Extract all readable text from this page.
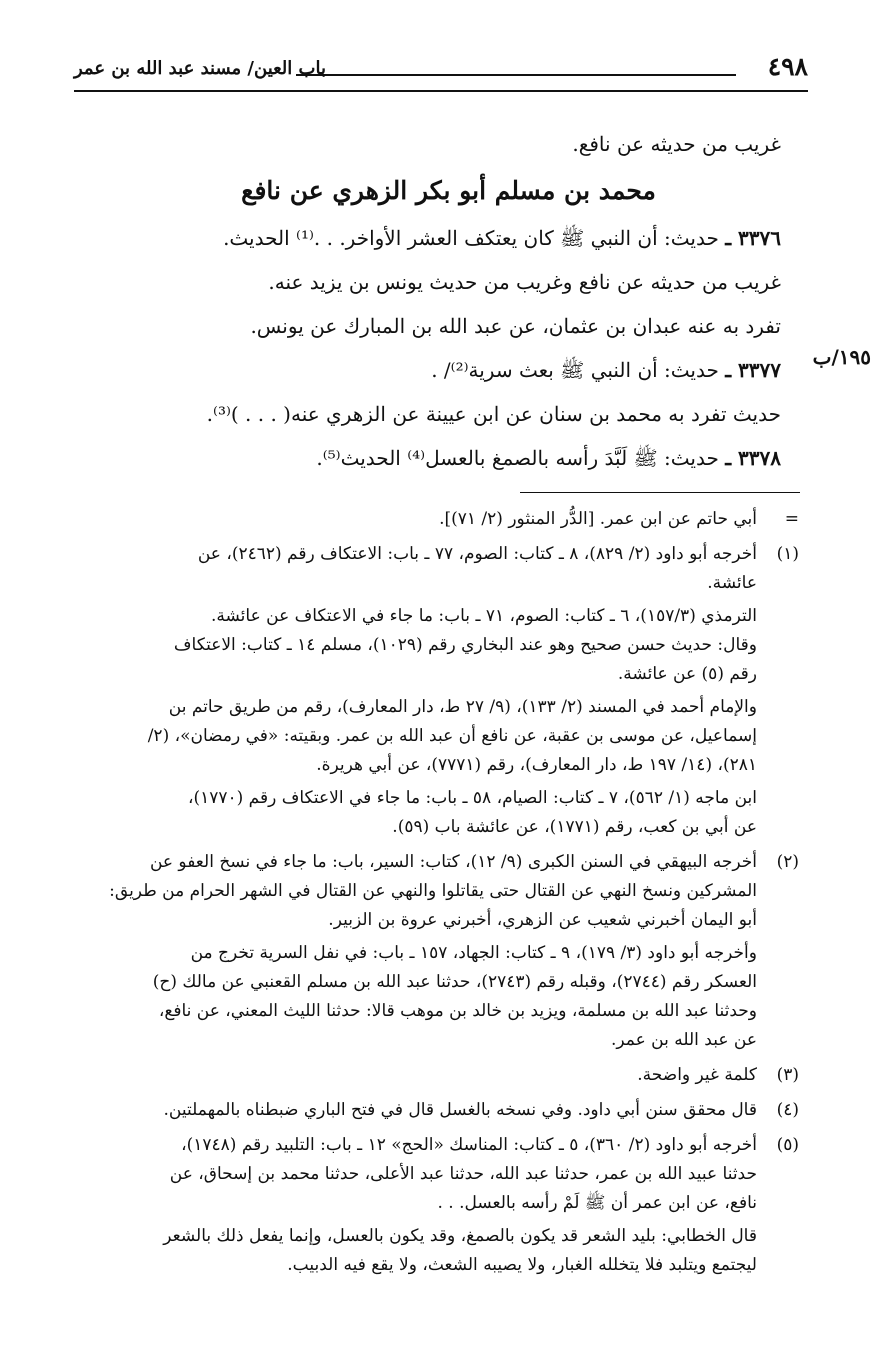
٤٩٨
باب العين/ مسند عبد الله بن عمر
١٩٥/ب

غريب من حديثه عن نافع.

محمد بن مسلم أبو بكر الزهري عن نافع

٣٣٧٦ ـ حديث: أن النبي ﷺ كان يعتكف العشر الأواخر. . .⁽¹⁾ الحديث.

غريب من حديثه عن نافع وغريب من حديث يونس بن يزيد عنه.

تفرد به عنه عبدان بن عثمان، عن عبد الله بن المبارك عن يونس.

٣٣٧٧ ـ حديث: أن النبي ﷺ بعث سرية⁽²⁾/ .

حديث تفرد به محمد بن سنان عن ابن عيينة عن الزهري عنه( . . . )⁽³⁾.

٣٣٧٨ ـ حديث: ﷺ لَبَّدَ رأسه بالصمغ بالعسل⁽⁴⁾ الحديث⁽⁵⁾.

=

أبي حاتم عن ابن عمر. [الدُّر المنثور (٢/ ٧١)].

(١)

أخرجه أبو داود (٢/ ٨٢٩)، ٨ ـ كتاب: الصوم، ٧٧ ـ باب: الاعتكاف رقم (٢٤٦٢)، عن

عائشة.

الترمذي (١٥٧/٣)، ٦ ـ كتاب: الصوم، ٧١ ـ باب: ما جاء في الاعتكاف عن عائشة.

وقال: حديث حسن صحيح وهو عند البخاري رقم (١٠٢٩)، مسلم ١٤ ـ كتاب: الاعتكاف

رقم (٥) عن عائشة.

والإمام أحمد في المسند (٢/ ١٣٣)، (٩/ ٢٧ ط، دار المعارف)، رقم من طريق حاتم بن

إسماعيل، عن موسى بن عقبة، عن نافع أن عبد الله بن عمر. وبقيته: «في رمضان»، (٢/

٢٨١)، (١٤/ ١٩٧ ط، دار المعارف)، رقم (٧٧٧١)، عن أبي هريرة.

ابن ماجه (١/ ٥٦٢)، ٧ ـ كتاب: الصيام، ٥٨ ـ باب: ما جاء في الاعتكاف رقم (١٧٧٠)،

عن أبي بن كعب، رقم (١٧٧١)، عن عائشة باب (٥٩).

(٢)

أخرجه البيهقي في السنن الكبرى (٩/ ١٢)، كتاب: السير، باب: ما جاء في نسخ العفو عن

المشركين ونسخ النهي عن القتال حتى يقاتلوا والنهي عن القتال في الشهر الحرام من طريق:

أبو اليمان أخبرني شعيب عن الزهري، أخبرني عروة بن الزبير.

وأخرجه أبو داود (٣/ ١٧٩)، ٩ ـ كتاب: الجهاد، ١٥٧ ـ باب: في نفل السرية تخرج من

العسكر رقم (٢٧٤٤)، وقبله رقم (٢٧٤٣)، حدثنا عبد الله بن مسلم القعنبي عن مالك (ح)

وحدثنا عبد الله بن مسلمة، ويزيد بن خالد بن موهب قالا: حدثنا الليث المعني، عن نافع،

عن عبد الله بن عمر.

(٣)

كلمة غير واضحة.

(٤)

قال محقق سنن أبي داود. وفي نسخه بالغسل قال في فتح الباري ضبطناه بالمهملتين.

(٥)

أخرجه أبو داود (٢/ ٣٦٠)، ٥ ـ كتاب: المناسك «الحج» ١٢ ـ باب: التلبيد رقم (١٧٤٨)،

حدثنا عبيد الله بن عمر، حدثنا عبد الله، حدثنا عبد الأعلى، حدثنا محمد بن إسحاق، عن

نافع، عن ابن عمر أن ﷺ لَمْ رأسه بالعسل. . .

قال الخطابي: بليد الشعر قد يكون بالصمغ، وقد يكون بالعسل، وإنما يفعل ذلك بالشعر

ليجتمع ويتلبد فلا يتخلله الغبار، ولا يصيبه الشعث، ولا يقع فيه الدبيب.
